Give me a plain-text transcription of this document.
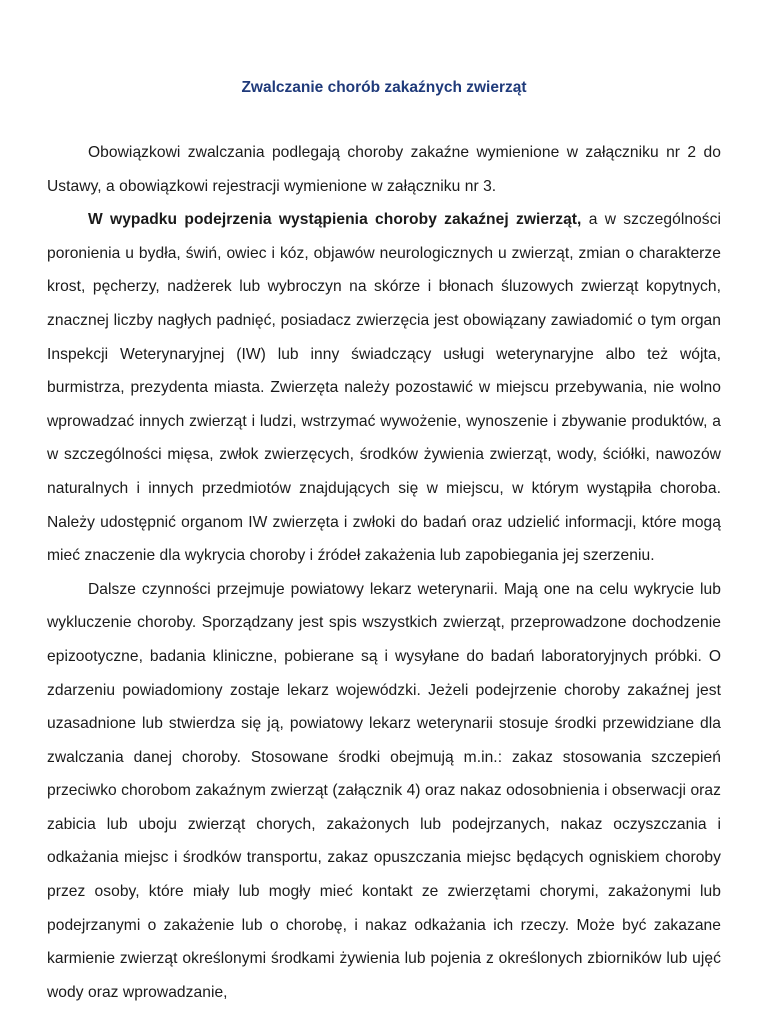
Zwalczanie chorób zakaźnych zwierząt

Obowiązkowi zwalczania podlegają choroby zakaźne wymienione w załączniku nr 2 do Ustawy, a obowiązkowi rejestracji wymienione w załączniku nr 3.

W wypadku podejrzenia wystąpienia choroby zakaźnej zwierząt, a w szczególności poronienia u bydła, świń, owiec i kóz, objawów neurologicznych u zwierząt, zmian o charakterze krost, pęcherzy, nadżerek lub wybroczyn na skórze i błonach śluzowych zwierząt kopytnych, znacznej liczby nagłych padnięć, posiadacz zwierzęcia jest obowiązany zawiadomić o tym organ Inspekcji Weterynaryjnej (IW) lub inny świadczący usługi weterynaryjne albo też wójta, burmistrza, prezydenta miasta. Zwierzęta należy pozostawić w miejscu przebywania, nie wolno wprowadzać innych zwierząt i ludzi, wstrzymać wywożenie, wynoszenie i zbywanie produktów, a w szczególności mięsa, zwłok zwierzęcych, środków żywienia zwierząt, wody, ściółki, nawozów naturalnych i innych przedmiotów znajdujących się w miejscu, w którym wystąpiła choroba. Należy udostępnić organom IW zwierzęta i zwłoki do badań oraz udzielić informacji, które mogą mieć znaczenie dla wykrycia choroby i źródeł zakażenia lub zapobiegania jej szerzeniu.

Dalsze czynności przejmuje powiatowy lekarz weterynarii. Mają one na celu wykrycie lub wykluczenie choroby. Sporządzany jest spis wszystkich zwierząt, przeprowadzone dochodzenie epizootyczne, badania kliniczne, pobierane są i wysyłane do badań laboratoryjnych próbki. O zdarzeniu powiadomiony zostaje lekarz wojewódzki. Jeżeli podejrzenie choroby zakaźnej jest uzasadnione lub stwierdza się ją, powiatowy lekarz weterynarii stosuje środki przewidziane dla zwalczania danej choroby. Stosowane środki obejmują m.in.: zakaz stosowania szczepień przeciwko chorobom zakaźnym zwierząt (załącznik 4) oraz nakaz odosobnienia i obserwacji oraz zabicia lub uboju zwierząt chorych, zakażonych lub podejrzanych, nakaz oczyszczania i odkażania miejsc i środków transportu, zakaz opuszczania miejsc będących ogniskiem choroby przez osoby, które miały lub mogły mieć kontakt ze zwierzętami chorymi, zakażonymi lub podejrzanymi o zakażenie lub o chorobę, i nakaz odkażania ich rzeczy. Może być zakazane karmienie zwierząt określonymi środkami żywienia lub pojenia z określonych zbiorników lub ujęć wody oraz wprowadzanie,
